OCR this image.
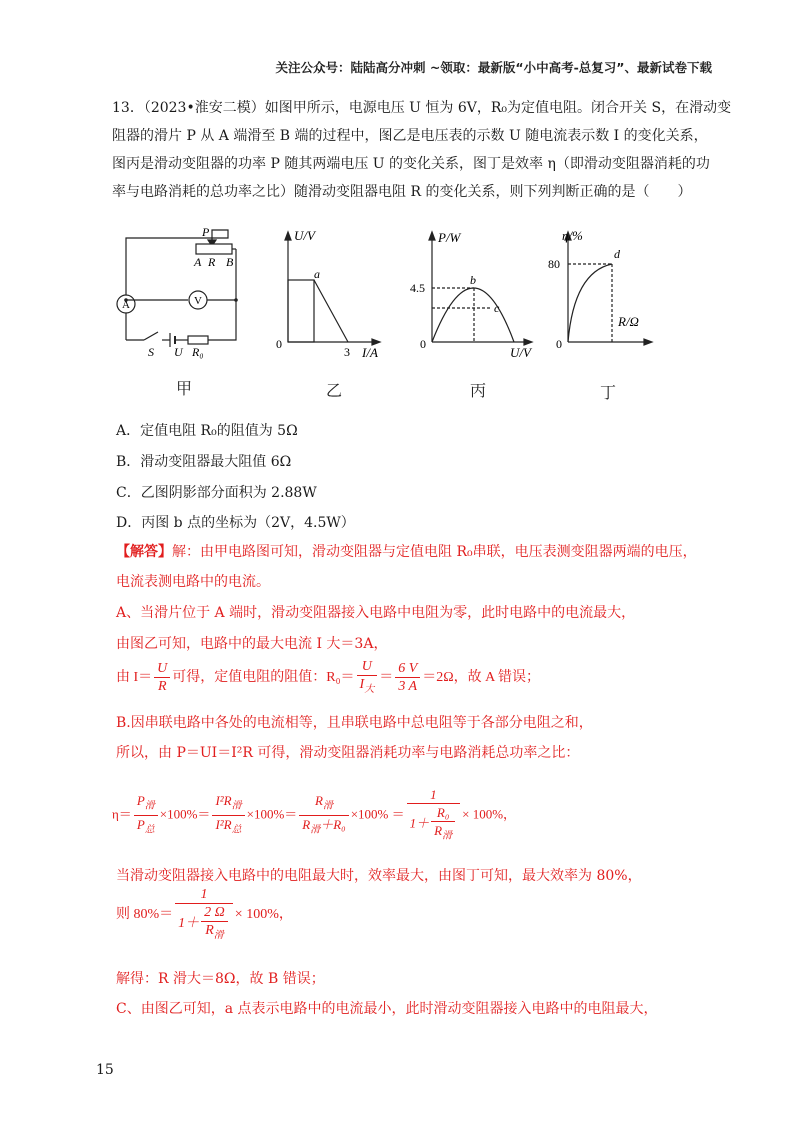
关注公众号：陆陆高分冲刺 ~领取：最新版“小中高考-总复习”、最新试卷下载
13．（2023•淮安二模）如图甲所示，电源电压 U 恒为 6V，R₀为定值电阻。闭合开关 S，在滑动变
阻器的滑片 P 从 A 端滑至 B 端的过程中，图乙是电压表的示数 U 随电流表示数 I 的变化关系，
图丙是滑动变阻器的功率 P 随其两端电压 U 的变化关系，图丁是效率 η（即滑动变阻器消耗的功
率与电路消耗的总功率之比）随滑动变阻器电阻 R 的变化关系，则下列判断正确的是（　　）
P
A R B
A	V
S U R₀
甲
U/V
I/A
0
3
a
乙
P/W
U/V
0
4.5
b
c
丙
η/%
R/Ω
0
80
d
丁
A．定值电阻 R₀的阻值为 5Ω
B．滑动变阻器最大阻值 6Ω
C．乙图阴影部分面积为 2.88W
D．丙图 b 点的坐标为（2V，4.5W）
【解答】解：由甲电路图可知，滑动变阻器与定值电阻 R₀串联，电压表测变阻器两端的电压，
电流表测电路中的电流。
A、当滑片位于 A 端时，滑动变阻器接入电路中电阻为零，此时电路中的电流最大，
由图乙可知，电路中的最大电流 I 大＝3A，
由 $I= \frac{U}{R}$ 可得，定值电阻的阻值：$R_0= \frac{U}{I_大} = \frac{6 V}{3 A} =2\Omega$，故 A 错误；
B.因串联电路中各处的电流相等，且串联电路中总电阻等于各部分电阻之和，
所以，由 P＝UI＝I²R 可得，滑动变阻器消耗功率与电路消耗总功率之比：
$\eta= \frac{P_滑}{P_总} \times 100\%= \frac{I^2R_滑}{I^2R_总} \times 100\%= \frac{R_滑}{R_滑+R_0} \times 100\% = \frac{1}{1+ \frac{\text{R₀}}{R_滑}} \times 100\%$，
当滑动变阻器接入电路中的电阻最大时，效率最大，由图丁可知，最大效率为 80%，
则 $80\%= \frac{1}{1+ \frac{2 \Omega}{R_滑}} \times 100\%$，
解得：R 滑大＝8Ω，故 B 错误；
C、由图乙可知，a 点表示电路中的电流最小，此时滑动变阻器接入电路中的电阻最大，
15
